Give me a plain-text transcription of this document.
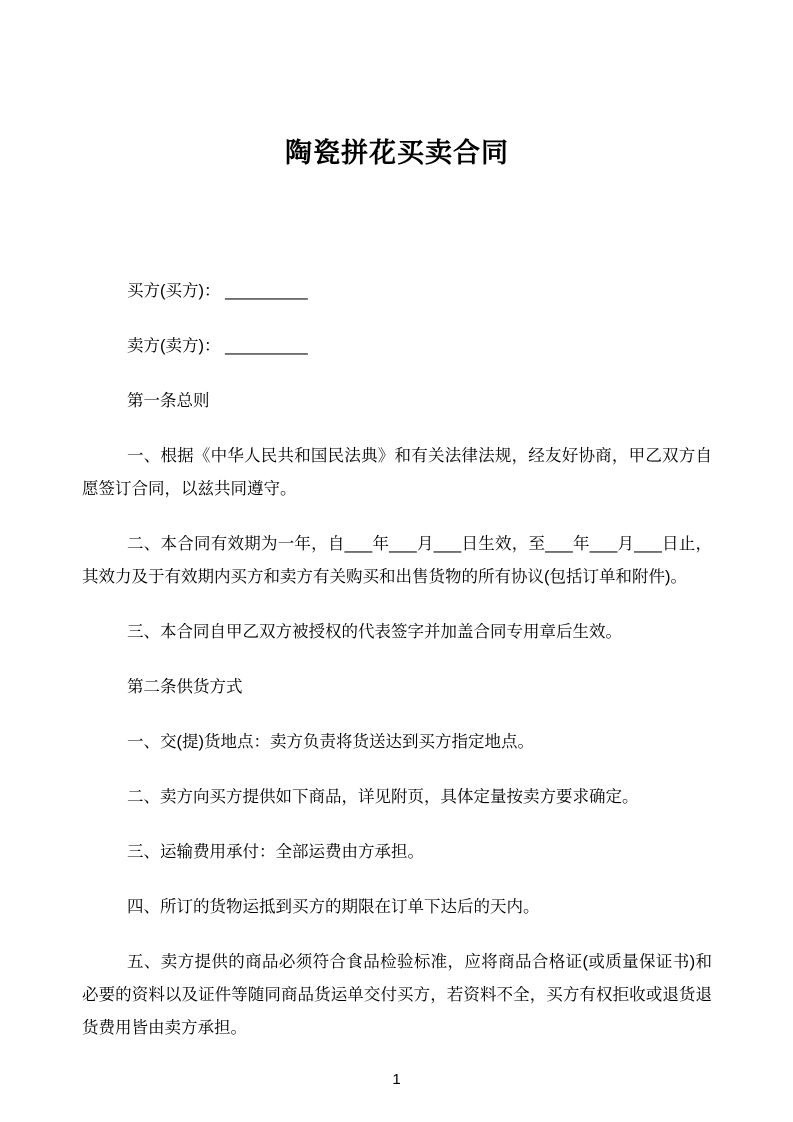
陶瓷拼花买卖合同

买方(买方)： _________

卖方(卖方)： _________

第一条总则

一、根据《中华人民共和国民法典》和有关法律法规，经友好协商，甲乙双方自愿签订合同，以兹共同遵守。

二、本合同有效期为一年，自___年___月___日生效，至___年___月___日止，其效力及于有效期内买方和卖方有关购买和出售货物的所有协议(包括订单和附件)。

三、本合同自甲乙双方被授权的代表签字并加盖合同专用章后生效。

第二条供货方式

一、交(提)货地点：卖方负责将货送达到买方指定地点。

二、卖方向买方提供如下商品，详见附页，具体定量按卖方要求确定。

三、运输费用承付：全部运费由方承担。

四、所订的货物运抵到买方的期限在订单下达后的天内。

五、卖方提供的商品必须符合食品检验标准，应将商品合格证(或质量保证书)和必要的资料以及证件等随同商品货运单交付买方，若资料不全，买方有权拒收或退货退货费用皆由卖方承担。

1
